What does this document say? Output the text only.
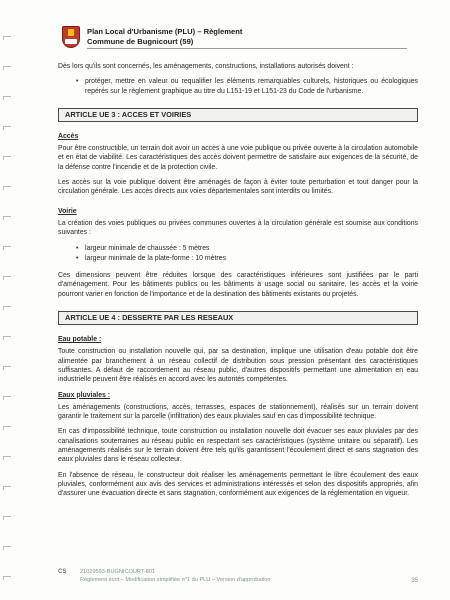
Plan Local d'Urbanisme (PLU) – Règlement
Commune de Bugnicourt (59)

Dès lors qu'ils sont concernés, les aménagements, constructions, installations autorisés doivent :

• protéger, mettre en valeur ou requalifier les éléments remarquables culturels, historiques ou écologiques repérés sur le règlement graphique au titre du L151-19 et L151-23 du Code de l'urbanisme.
ARTICLE UE 3 : ACCES ET VOIRIES
Accès

Pour être constructible, un terrain doit avoir un accès à une voie publique ou privée ouverte à la circulation automobile et en état de viabilité. Les caractéristiques des accès doivent permettre de satisfaire aux exigences de la sécurité, de la défense contre l'incendie et de la protection civile.

Les accès sur la voie publique doivent être aménagés de façon à éviter toute perturbation et tout danger pour la circulation générale. Les accès directs aux voies départementales sont interdits ou limités.

Voirie

La création des voies publiques ou privées communes ouvertes à la circulation générale est soumise aux conditions suivantes :

• largeur minimale de chaussée : 5 mètres
• largeur minimale de la plate-forme : 10 mètres

Ces dimensions peuvent être réduites lorsque des caractéristiques inférieures sont justifiées par le parti d'aménagement. Pour les bâtiments publics ou les bâtiments à usage social ou sanitaire, les accès et la voirie pourront varier en fonction de l'importance et de la destination des bâtiments existants ou projetés.

ARTICLE UE 4 : DESSERTE PAR LES RESEAUX
Eau potable :

Toute construction ou installation nouvelle qui, par sa destination, implique une utilisation d'eau potable doit être alimentée par branchement à un réseau collectif de distribution sous pression présentant des caractéristiques suffisantes. A défaut de raccordement au réseau public, d'autres dispositifs permettant une alimentation en eau industrielle peuvent être réalisés en accord avec les autorités compétentes.

Eaux pluviales :

Les aménagements (constructions, accès, terrasses, espaces de stationnement), réalisés sur un terrain doivent garantir le traitement sur la parcelle (infiltration) des eaux pluviales sauf en cas d'impossibilité technique.

En cas d'impossibilité technique, toute construction ou installation nouvelle doit évacuer ses eaux pluviales par des canalisations souterraines au réseau public en respectant ses caractéristiques (système unitaire ou séparatif). Les aménagements réalisés sur le terrain doivent être tels qu'ils garantissent l'écoulement direct et sans stagnation des eaux pluviales dans le réseau collecteur.

En l'absence de réseau, le constructeur doit réaliser les aménagements permettant le libre écoulement des eaux pluviales, conformément aux avis des services et administrations intéressés et selon des dispositifs appropriés, afin d'assurer une évacuation directe et sans stagnation, conformément aux exigences de la réglementation en vigueur.

CS 21029593-BUGNICOURT-801
Règlement écrit – Modification simplifiée n°1 du PLU – Version d'approbation	35
